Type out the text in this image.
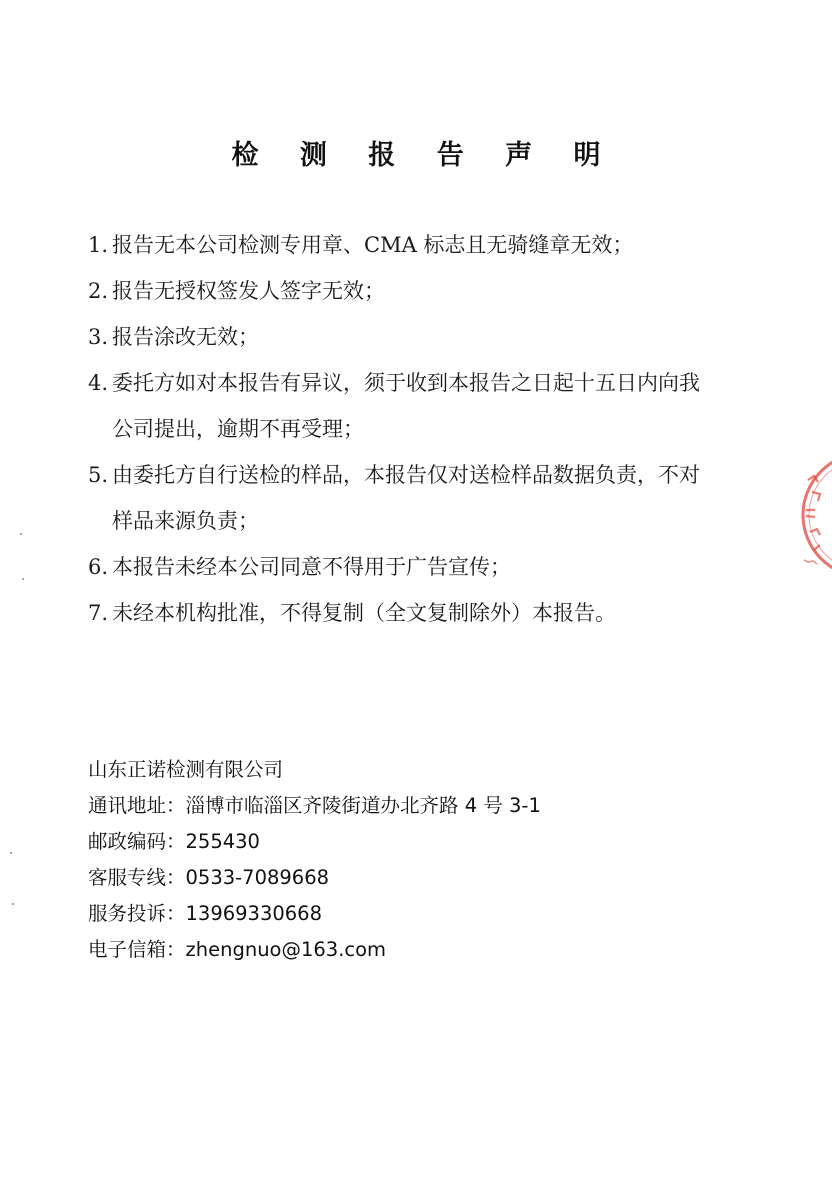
检 测 报 告 声 明
1. 报告无本公司检测专用章、CMA 标志且无骑缝章无效；
2. 报告无授权签发人签字无效；
3. 报告涂改无效；
4. 委托方如对本报告有异议，须于收到本报告之日起十五日内向我
公司提出，逾期不再受理；
5. 由委托方自行送检的样品，本报告仅对送检样品数据负责，不对
样品来源负责；
6. 本报告未经本公司同意不得用于广告宣传；
7. 未经本机构批准，不得复制（全文复制除外）本报告。
山东正诺检测有限公司
通讯地址：淄博市临淄区齐陵街道办北齐路 4 号 3-1
邮政编码：255430
客服专线：0533-7089668
服务投诉：13969330668
电子信箱：zhengnuo@163.com
